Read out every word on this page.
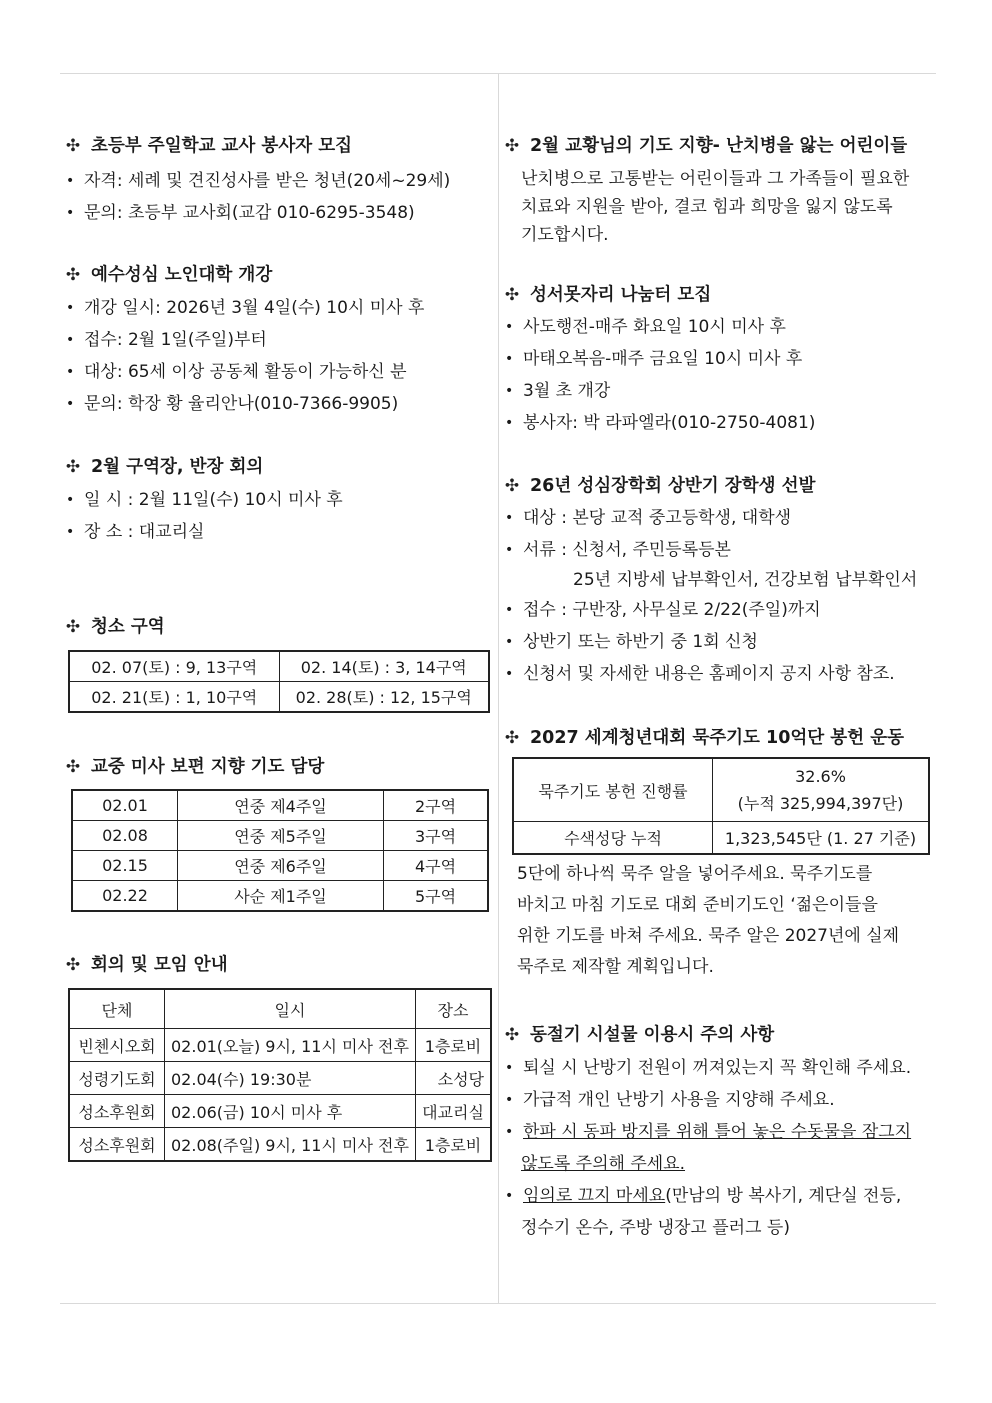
✣ 초등부 주일학교 교사 봉사자 모집
• 자격: 세례 및 견진성사를 받은 청년(20세~29세)
• 문의: 초등부 교사회(교감 010-6295-3548)
✣ 예수성심 노인대학 개강
• 개강 일시: 2026년 3월 4일(수) 10시 미사 후
• 접수: 2월 1일(주일)부터
• 대상: 65세 이상 공동체 활동이 가능하신 분
• 문의: 학장 황 율리안나(010-7366-9905)
✣ 2월 구역장, 반장 회의
• 일 시 : 2월 11일(수) 10시 미사 후
• 장 소 : 대교리실
✣ 청소 구역
02. 07(토) : 9, 13구역	02. 14(토) : 3, 14구역
02. 21(토) : 1, 10구역	02. 28(토) : 12, 15구역
✣ 교중 미사 보편 지향 기도 담당
02.01	연중 제4주일	2구역
02.08	연중 제5주일	3구역
02.15	연중 제6주일	4구역
02.22	사순 제1주일	5구역
✣ 회의 및 모임 안내
단체	일시	장소
빈첸시오회	02.01(오늘) 9시, 11시 미사 전후	1층로비
성령기도회	02.04(수) 19:30분	소성당
성소후원회	02.06(금) 10시 미사 후	대교리실
성소후원회	02.08(주일) 9시, 11시 미사 전후	1층로비
✣ 2월 교황님의 기도 지향- 난치병을 앓는 어린이들
난치병으로 고통받는 어린이들과 그 가족들이 필요한
치료와 지원을 받아, 결코 힘과 희망을 잃지 않도록
기도합시다.
✣ 성서못자리 나눔터 모집
• 사도행전-매주 화요일 10시 미사 후
• 마태오복음-매주 금요일 10시 미사 후
• 3월 초 개강
• 봉사자: 박 라파엘라(010-2750-4081)
✣ 26년 성심장학회 상반기 장학생 선발
• 대상 : 본당 교적 중고등학생, 대학생
• 서류 : 신청서, 주민등록등본
25년 지방세 납부확인서, 건강보험 납부확인서
• 접수 : 구반장, 사무실로 2/22(주일)까지
• 상반기 또는 하반기 중 1회 신청
• 신청서 및 자세한 내용은 홈페이지 공지 사항 참조.
✣ 2027 세계청년대회 묵주기도 10억단 봉헌 운동
묵주기도 봉헌 진행률	32.6%
(누적 325,994,397단)

수색성당 누적	1,323,545단 (1. 27 기준)
5단에 하나씩 묵주 알을 넣어주세요. 묵주기도를
바치고 마침 기도로 대회 준비기도인 ‘젊은이들을
위한 기도를 바쳐 주세요. 묵주 알은 2027년에 실제
묵주로 제작할 계획입니다.
✣ 동절기 시설물 이용시 주의 사항
• 퇴실 시 난방기 전원이 꺼져있는지 꼭 확인해 주세요.
• 가급적 개인 난방기 사용을 지양해 주세요.
• 한파 시 동파 방지를 위해 틀어 놓은 수돗물을 잠그지
않도록 주의해 주세요.
• 임의로 끄지 마세요 (만남의 방 복사기, 계단실 전등,
정수기 온수, 주방 냉장고 플러그 등)
